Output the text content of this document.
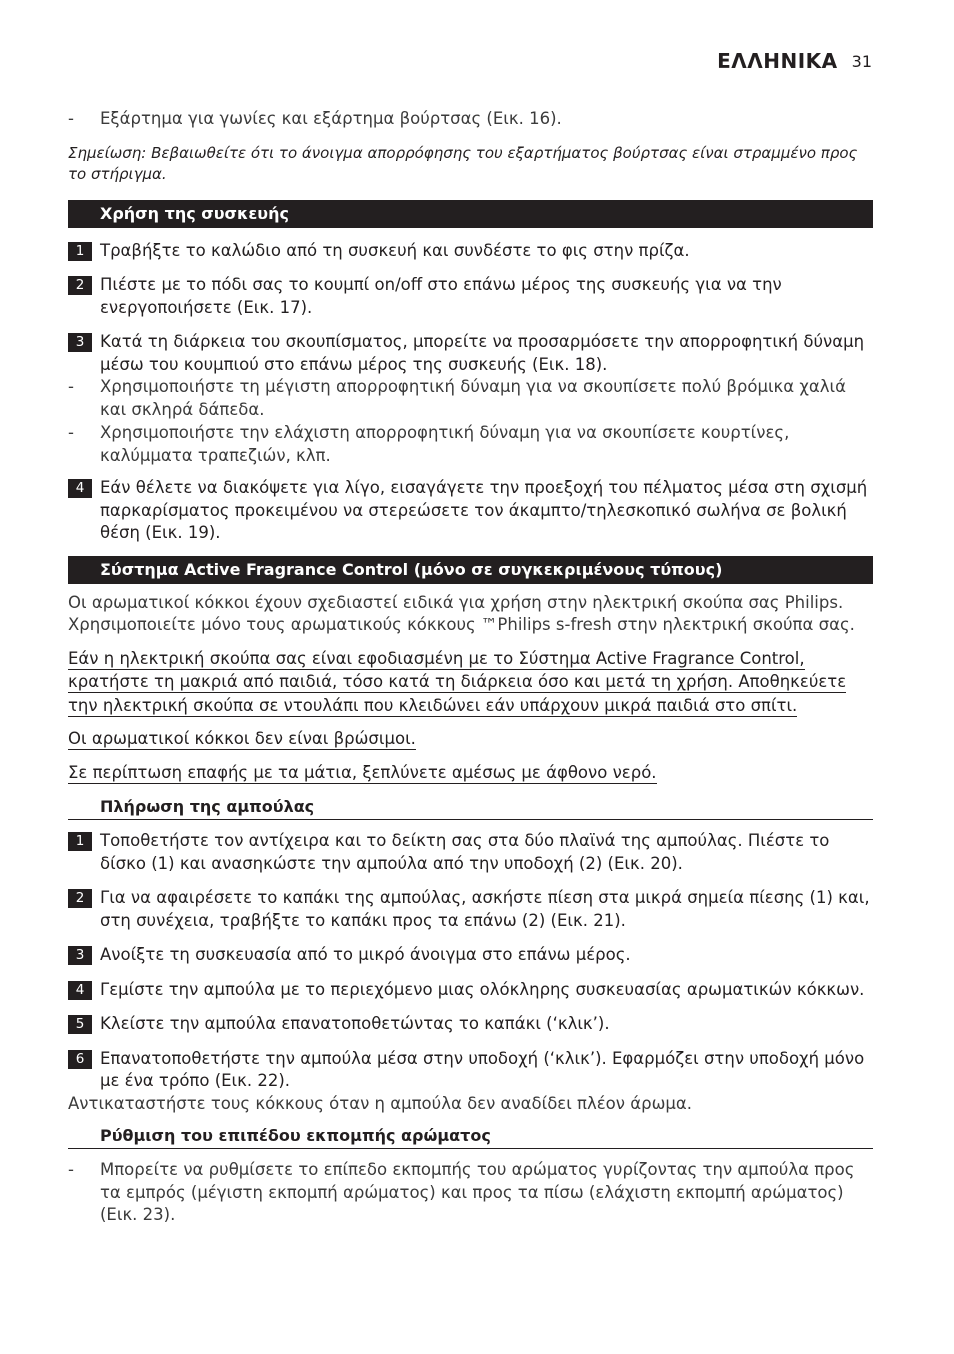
ΕΛΛΗΝΙΚΑ 31
- Εξάρτημα για γωνίες και εξάρτημα βούρτσας (Εικ. 16).
Σημείωση: Βεβαιωθείτε ότι το άνοιγμα απορρόφησης του εξαρτήματος βούρτσας είναι στραμμένο προς το στήριγμα.
Χρήση της συσκευής
1 Τραβήξτε το καλώδιο από τη συσκευή και συνδέστε το φις στην πρίζα.
2 Πιέστε με το πόδι σας το κουμπί on/off στο επάνω μέρος της συσκευής για να την ενεργοποιήσετε (Εικ. 17).
3 Κατά τη διάρκεια του σκουπίσματος, μπορείτε να προσαρμόσετε την απορροφητική δύναμη μέσω του κουμπιού στο επάνω μέρος της συσκευής (Εικ. 18).
- Χρησιμοποιήστε τη μέγιστη απορροφητική δύναμη για να σκουπίσετε πολύ βρόμικα χαλιά και σκληρά δάπεδα.
- Χρησιμοποιήστε την ελάχιστη απορροφητική δύναμη για να σκουπίσετε κουρτίνες, καλύμματα τραπεζιών, κλπ.
4 Εάν θέλετε να διακόψετε για λίγο, εισαγάγετε την προεξοχή του πέλματος μέσα στη σχισμή παρκαρίσματος προκειμένου να στερεώσετε τον άκαμπτο/τηλεσκοπικό σωλήνα σε βολική θέση (Εικ. 19).
Σύστημα Active Fragrance Control (μόνο σε συγκεκριμένους τύπους)
Οι αρωματικοί κόκκοι έχουν σχεδιαστεί ειδικά για χρήση στην ηλεκτρική σκούπα σας Philips. Χρησιμοποιείτε μόνο τους αρωματικούς κόκκους ™Philips s-fresh στην ηλεκτρική σκούπα σας.
Εάν η ηλεκτρική σκούπα σας είναι εφοδιασμένη με το Σύστημα Active Fragrance Control, κρατήστε τη μακριά από παιδιά, τόσο κατά τη διάρκεια όσο και μετά τη χρήση. Αποθηκεύετε την ηλεκτρική σκούπα σε ντουλάπι που κλειδώνει εάν υπάρχουν μικρά παιδιά στο σπίτι.
Οι αρωματικοί κόκκοι δεν είναι βρώσιμοι.
Σε περίπτωση επαφής με τα μάτια, ξεπλύνετε αμέσως με άφθονο νερό.
Πλήρωση της αμπούλας
1 Τοποθετήστε τον αντίχειρα και το δείκτη σας στα δύο πλαϊνά της αμπούλας. Πιέστε το δίσκο (1) και ανασηκώστε την αμπούλα από την υποδοχή (2) (Εικ. 20).
2 Για να αφαιρέσετε το καπάκι της αμπούλας, ασκήστε πίεση στα μικρά σημεία πίεσης (1) και, στη συνέχεια, τραβήξτε το καπάκι προς τα επάνω (2) (Εικ. 21).
3 Ανοίξτε τη συσκευασία από το μικρό άνοιγμα στο επάνω μέρος.
4 Γεμίστε την αμπούλα με το περιεχόμενο μιας ολόκληρης συσκευασίας αρωματικών κόκκων.
5 Κλείστε την αμπούλα επανατοποθετώντας το καπάκι (‘κλικ’).
6 Επανατοποθετήστε την αμπούλα μέσα στην υποδοχή (‘κλικ’). Εφαρμόζει στην υποδοχή μόνο με ένα τρόπο (Εικ. 22).
Αντικαταστήστε τους κόκκους όταν η αμπούλα δεν αναδίδει πλέον άρωμα.
Ρύθμιση του επιπέδου εκπομπής αρώματος
- Μπορείτε να ρυθμίσετε το επίπεδο εκπομπής του αρώματος γυρίζοντας την αμπούλα προς τα εμπρός (μέγιστη εκπομπή αρώματος) και προς τα πίσω (ελάχιστη εκπομπή αρώματος) (Εικ. 23).
